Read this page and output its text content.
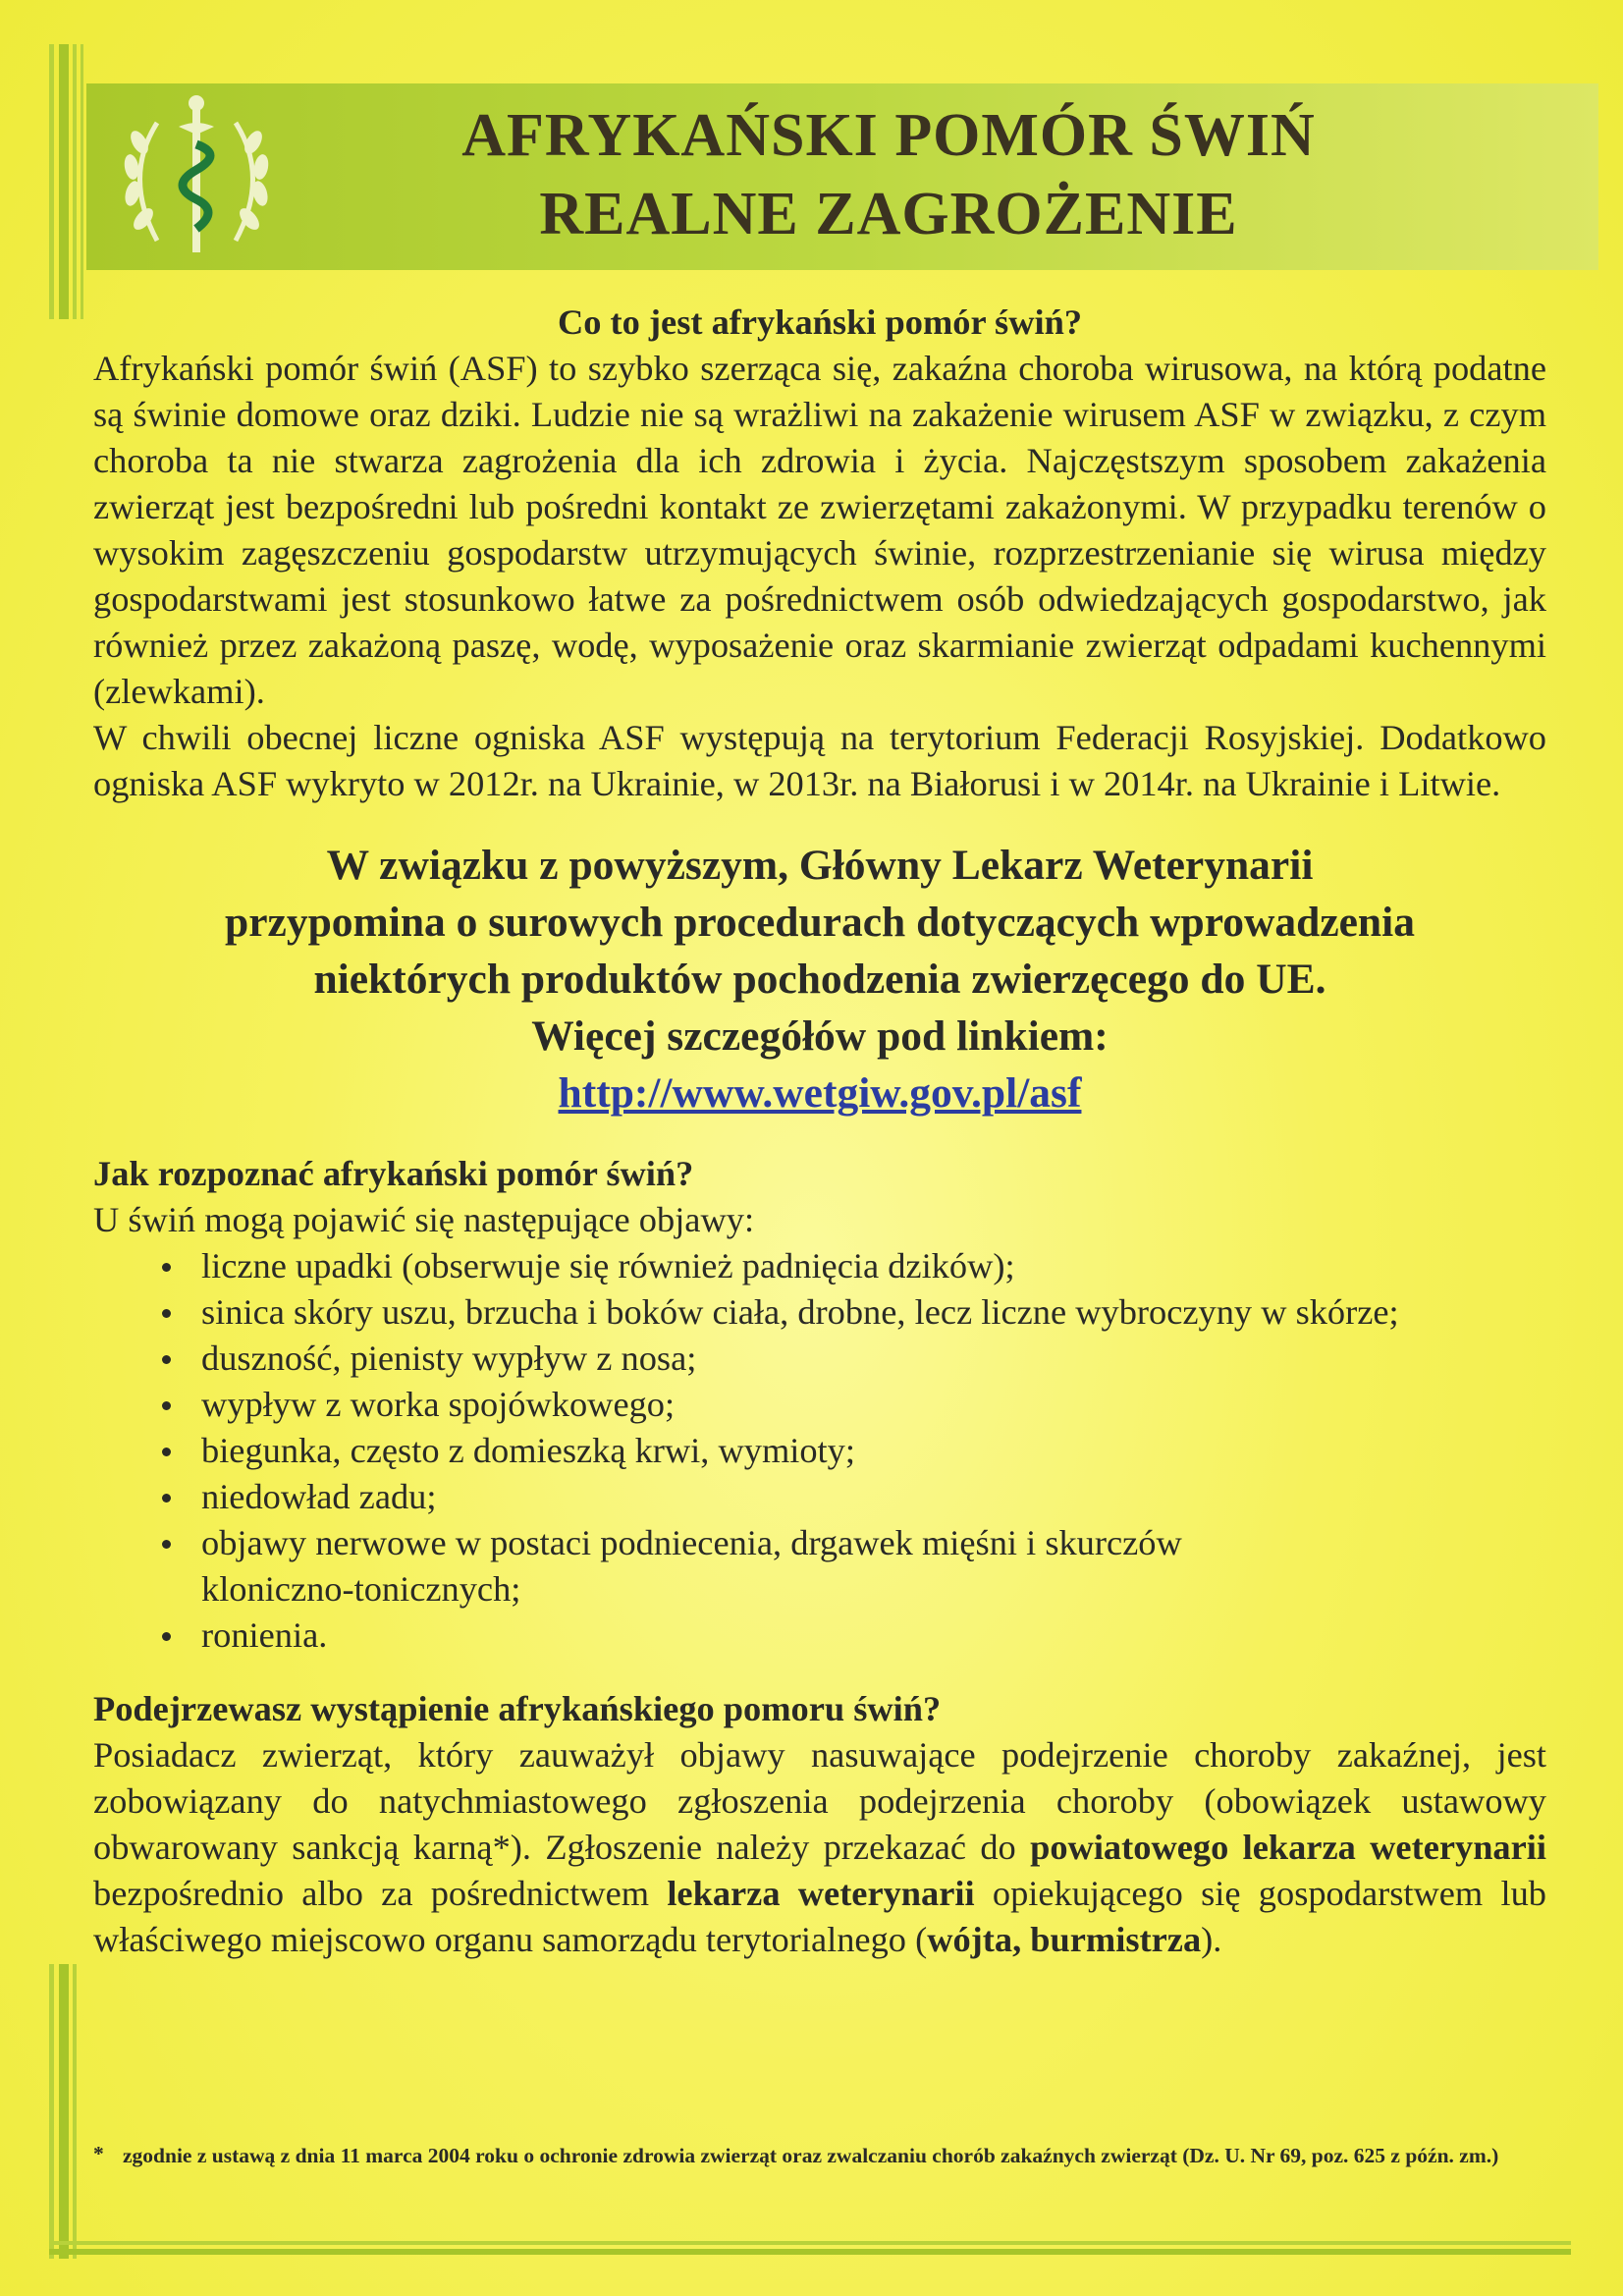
AFRYKAŃSKI POMÓR ŚWIŃ
REALNE ZAGROŻENIE

Co to jest afrykański pomór świń?

Afrykański pomór świń (ASF) to szybko szerząca się, zakaźna choroba wirusowa, na którą podatne są świnie domowe oraz dziki. Ludzie nie są wrażliwi na zakażenie wirusem ASF w związku, z czym choroba ta nie stwarza zagrożenia dla ich zdrowia i życia. Najczęstszym sposobem zakażenia zwierząt jest bezpośredni lub pośredni kontakt ze zwierzętami zakażonymi. W przypadku terenów o wysokim zagęszczeniu gospodarstw utrzymujących świnie, rozprzestrzenianie się wirusa między gospodarstwami jest stosunkowo łatwe za pośrednictwem osób odwiedzających gospodarstwo, jak również przez zakażoną paszę, wodę, wyposażenie oraz skarmianie zwierząt odpadami kuchennymi (zlewkami).

W chwili obecnej liczne ogniska ASF występują na terytorium Federacji Rosyjskiej. Dodatkowo ogniska ASF wykryto w 2012r. na Ukrainie, w 2013r. na Białorusi i w 2014r. na Ukrainie i Litwie.

W związku z powyższym, Główny Lekarz Weterynarii
przypomina o surowych procedurach dotyczących wprowadzenia
niektórych produktów pochodzenia zwierzęcego do UE.
Więcej szczegółów pod linkiem:
http://www.wetgiw.gov.pl/asf

Jak rozpoznać afrykański pomór świń?

U świń mogą pojawić się następujące objawy:

liczne upadki (obserwuje się również padnięcia dzików);
sinica skóry uszu, brzucha i boków ciała, drobne, lecz liczne wybroczyny w skórze;
duszność, pienisty wypływ z nosa;
wypływ z worka spojówkowego;
biegunka, często z domieszką krwi, wymioty;
niedowład zadu;
objawy nerwowe w postaci podniecenia, drgawek mięśni i skurczów kloniczno-tonicznych;
ronienia.

Podejrzewasz wystąpienie afrykańskiego pomoru świń?

Posiadacz zwierząt, który zauważył objawy nasuwające podejrzenie choroby zakaźnej, jest zobowiązany do natychmiastowego zgłoszenia podejrzenia choroby (obowiązek ustawowy obwarowany sankcją karną*). Zgłoszenie należy przekazać do powiatowego lekarza weterynarii bezpośrednio albo za pośrednictwem lekarza weterynarii opiekującego się gospodarstwem lub właściwego miejscowo organu samorządu terytorialnego (wójta, burmistrza).

* zgodnie z ustawą z dnia 11 marca 2004 roku o ochronie zdrowia zwierząt oraz zwalczaniu chorób zakaźnych zwierząt (Dz. U. Nr 69, poz. 625 z późn. zm.)
